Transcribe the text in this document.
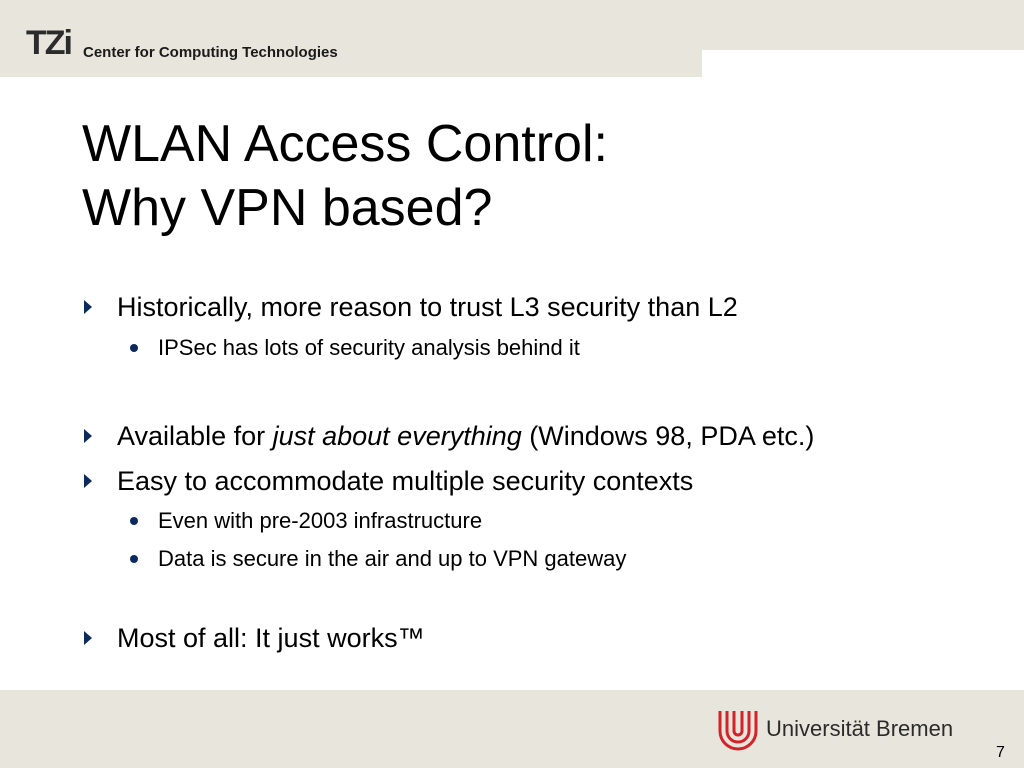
TZi Center for Computing Technologies
WLAN Access Control:
Why VPN based?
Historically, more reason to trust L3 security than L2
IPSec has lots of security analysis behind it
Available for just about everything (Windows 98, PDA etc.)
Easy to accommodate multiple security contexts
Even with pre-2003 infrastructure
Data is secure in the air and up to VPN gateway
Most of all: It just works™
Universität Bremen
7
